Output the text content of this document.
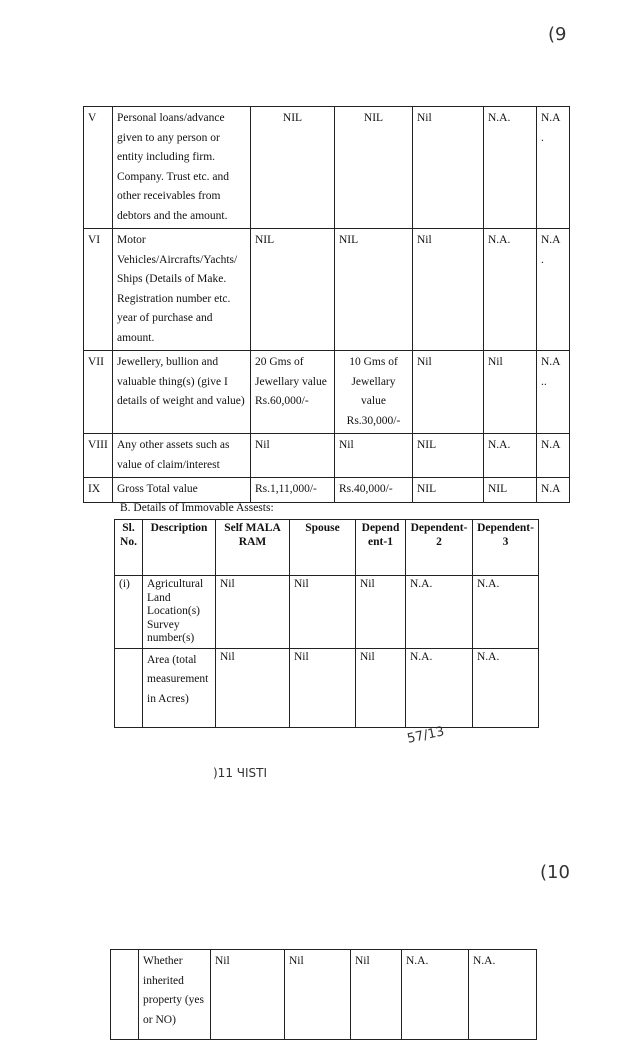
(9
57/13
)11 ЧISTI
(10
V	Personal loans/advance given to any person or entity including firm. Company. Trust etc. and other receivables from debtors and the amount.	NIL	NIL	Nil	N.A.	N.A .
VI	Motor Vehicles/Aircrafts/Yachts/ Ships (Details of Make. Registration number etc. year of purchase and amount.	NIL	NIL	Nil	N.A.	N.A .
VII	Jewellery, bullion and valuable thing(s) (give I details of weight and value)	20 Gms of Jewellary value Rs.60,000/-	10 Gms of Jewellary value Rs.30,000/-	Nil	Nil	N.A ..
VIII	Any other assets such as value of claim/interest	Nil	Nil	NIL	N.A.	N.A
IX	Gross Total value	Rs.1,11,000/-	Rs.40,000/-	NIL	NIL	N.A
B. Details of Immovable Assests:
Sl. No.	Description	Self MALA RAM	Spouse	Depend ent-1	Dependent- 2	Dependent- 3
(i)	Agricultural Land Location(s) Survey number(s)	Nil	Nil	Nil	N.A.	N.A.
	Area (total measurement in Acres)	Nil	Nil	Nil	N.A.	N.A.
	Whether inherited property (yes or NO)	Nil	Nil	Nil	N.A.	N.A.
